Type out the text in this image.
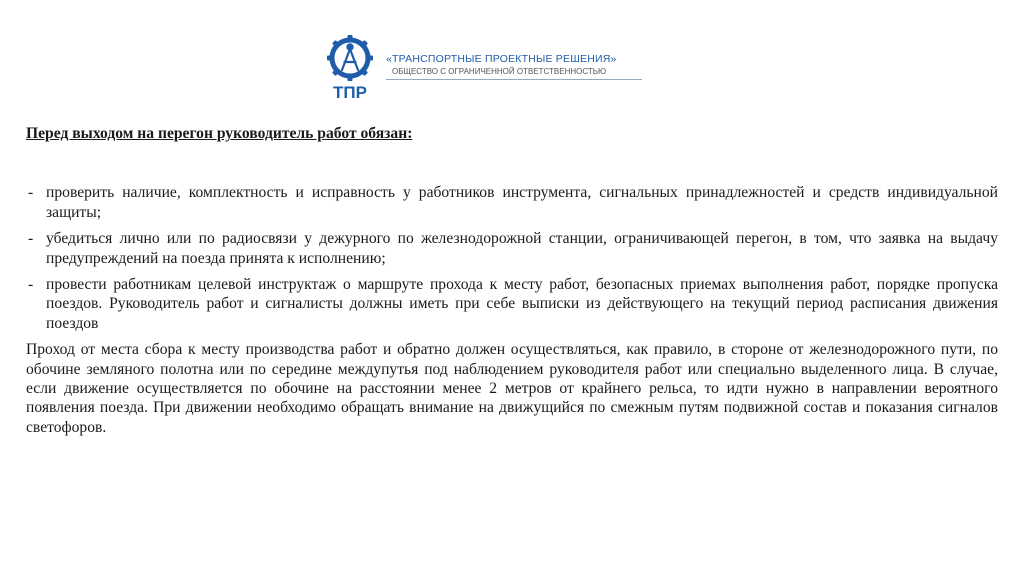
ТПР
«ТРАНСПОРТНЫЕ ПРОЕКТНЫЕ РЕШЕНИЯ»
ОБЩЕСТВО С ОГРАНИЧЕННОЙ ОТВЕТСТВЕННОСТЬЮ

Перед выходом на перегон руководитель работ обязан:

- проверить наличие, комплектность и исправность у работников инструмента, сигнальных принадлежностей и средств индивидуальной защиты;
- убедиться лично или по радиосвязи у дежурного по железнодорожной станции, ограничивающей перегон, в том, что заявка на выдачу предупреждений на поезда принята к исполнению;
- провести работникам целевой инструктаж о маршруте прохода к месту работ, безопасных приемах выполнения работ, порядке пропуска поездов. Руководитель работ и сигналисты должны иметь при себе выписки из действующего на текущий период расписания движения поездов

Проход от места сбора к месту производства работ и обратно должен осуществляться, как правило, в стороне от железнодорожного пути, по обочине земляного полотна или по середине междупутья под наблюдением руководителя работ или специально выделенного лица. В случае, если движение осуществляется по обочине на расстоянии менее 2 метров от крайнего рельса, то идти нужно в направлении вероятного появления поезда. При движении необходимо обращать внимание на движущийся по смежным путям подвижной состав и показания сигналов светофоров.
